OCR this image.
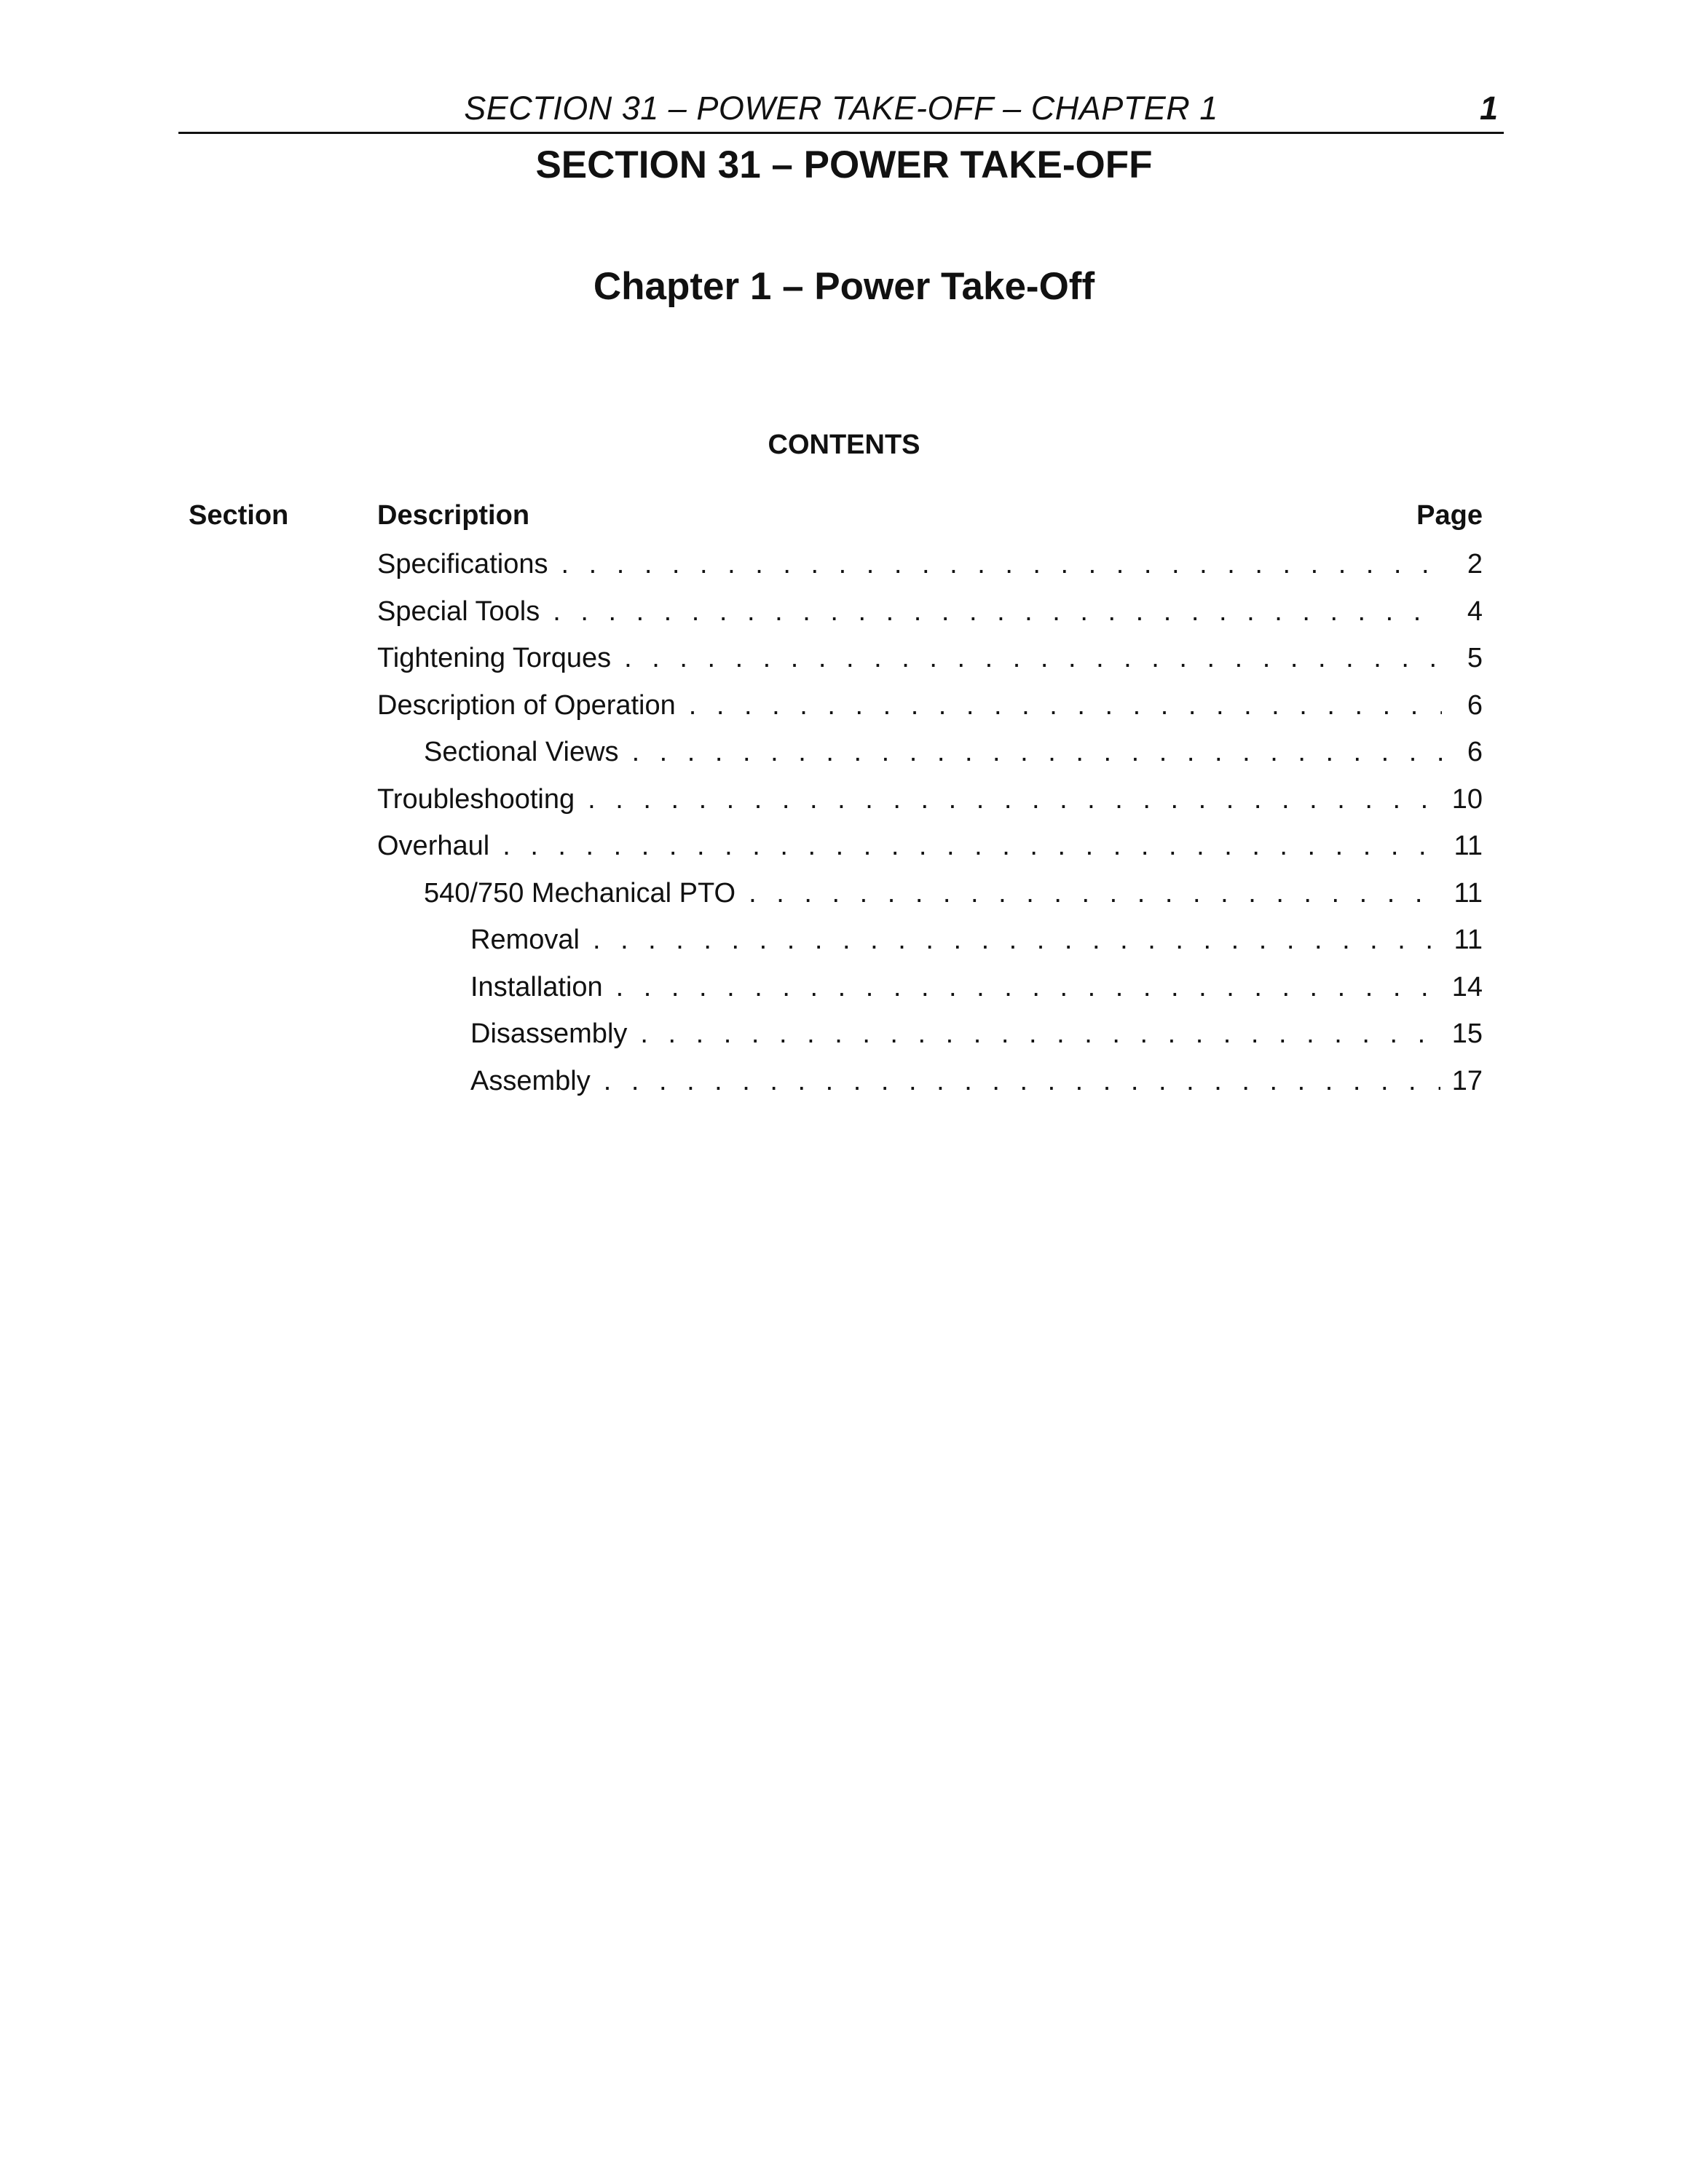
SECTION 31 – POWER TAKE-OFF – CHAPTER 1	1
SECTION 31 – POWER TAKE-OFF
Chapter 1 – Power Take-Off
CONTENTS
Section	Description	Page
Specifications . . .	2
Special Tools . . .	4
Tightening Torques . . .	5
Description of Operation . . .	6
Sectional Views . . .	6
Troubleshooting . . .	10
Overhaul . . .	11
540/750 Mechanical PTO . . .	11
Removal . . .	11
Installation . . .	14
Disassembly . . .	15
Assembly . . .	17
